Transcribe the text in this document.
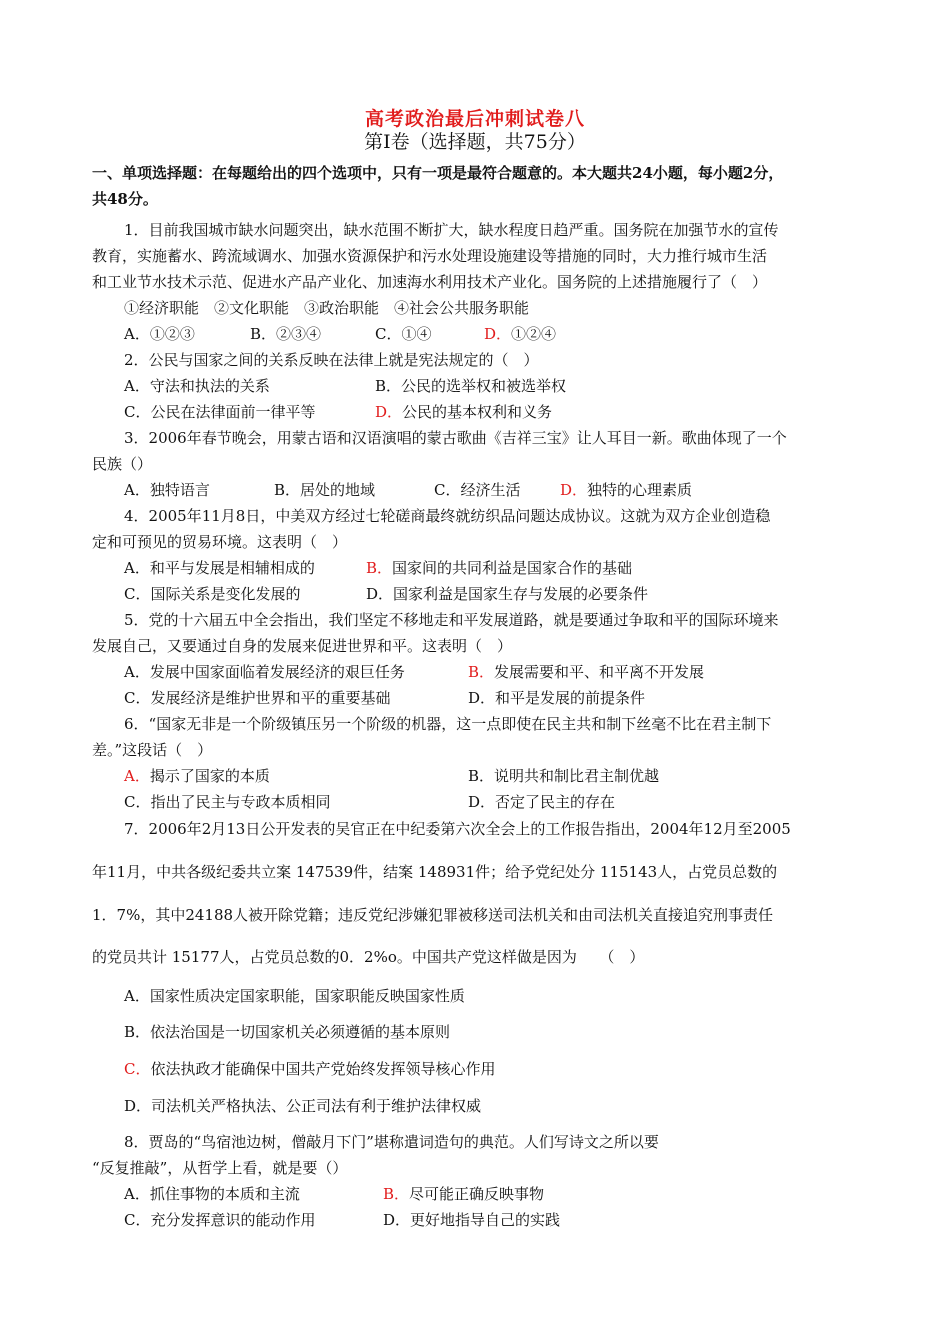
高考政治最后冲刺试卷八
第Ⅰ卷（选择题，共75分）
一、单项选择题：在每题给出的四个选项中，只有一项是最符合题意的。本大题共24小题，每小题2分，
共48分。
1．目前我国城市缺水问题突出，缺水范围不断扩大，缺水程度日趋严重。国务院在加强节水的宣传
教育，实施蓄水、跨流域调水、加强水资源保护和污水处理设施建设等措施的同时，大力推行城市生活
和工业节水技术示范、促进水产品产业化、加速海水利用技术产业化。国务院的上述措施履行了（　）
①经济职能　②文化职能　③政治职能　④社会公共服务职能
A．①②③	B．②③④	C．①④	D．①②④
2．公民与国家之间的关系反映在法律上就是宪法规定的（　）
A．守法和执法的关系	B．公民的选举权和被选举权
C．公民在法律面前一律平等	D．公民的基本权利和义务
3．2006年春节晚会，用蒙古语和汉语演唱的蒙古歌曲《吉祥三宝》让人耳目一新。歌曲体现了一个
民族（）
A．独特语言	B．居处的地域	C．经济生活	D．独特的心理素质
4．2005年11月8日，中美双方经过七轮磋商最终就纺织品问题达成协议。这就为双方企业创造稳
定和可预见的贸易环境。这表明（　）
A．和平与发展是相辅相成的	B．国家间的共同利益是国家合作的基础
C．国际关系是变化发展的	D．国家利益是国家生存与发展的必要条件
5．党的十六届五中全会指出，我们坚定不移地走和平发展道路，就是要通过争取和平的国际环境来
发展自己，又要通过自身的发展来促进世界和平。这表明（　）
A．发展中国家面临着发展经济的艰巨任务	B．发展需要和平、和平离不开发展
C．发展经济是维护世界和平的重要基础	D．和平是发展的前提条件
6．“国家无非是一个阶级镇压另一个阶级的机器，这一点即使在民主共和制下丝毫不比在君主制下
差。”这段话（　）
A．揭示了国家的本质	B．说明共和制比君主制优越
C．指出了民主与专政本质相同	D．否定了民主的存在
7．2006年2月13日公开发表的吴官正在中纪委第六次全会上的工作报告指出，2004年12月至2005
年11月，中共各级纪委共立案 147539件，结案 148931件；给予党纪处分 115143人，占党员总数的
1．7%，其中24188人被开除党籍；违反党纪涉嫌犯罪被移送司法机关和由司法机关直接追究刑事责任
的党员共计 15177人，占党员总数的0．2%o。中国共产党这样做是因为　　（　）
A．国家性质决定国家职能，国家职能反映国家性质
B．依法治国是一切国家机关必须遵循的基本原则
C．依法执政才能确保中国共产党始终发挥领导核心作用
D．司法机关严格执法、公正司法有利于维护法律权威
8．贾岛的“鸟宿池边树，僧敲月下门”堪称遣词造句的典范。人们写诗文之所以要
“反复推敲”，从哲学上看，就是要（）
A．抓住事物的本质和主流	B．尽可能正确反映事物
C．充分发挥意识的能动作用	D．更好地指导自己的实践
